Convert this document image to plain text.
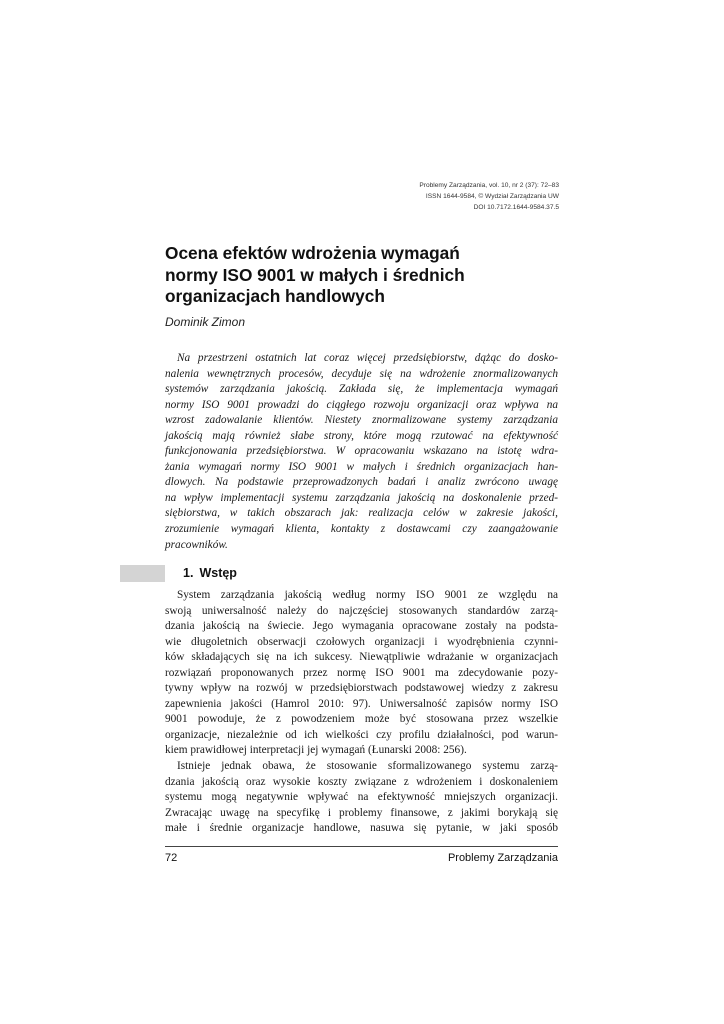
Problemy Zarządzania, vol. 10, nr 2 (37): 72–83
ISSN 1644-9584, © Wydział Zarządzania UW
DOI 10.7172.1644-9584.37.5
Ocena efektów wdrożenia wymagań
normy ISO 9001 w małych i średnich
organizacjach handlowych
Dominik Zimon

Na przestrzeni ostatnich lat coraz więcej przedsiębiorstw, dążąc do dosko-
nalenia wewnętrznych procesów, decyduje się na wdrożenie znormalizowanych
systemów zarządzania jakością. Zakłada się, że implementacja wymagań
normy ISO 9001 prowadzi do ciągłego rozwoju organizacji oraz wpływa na
wzrost zadowalanie klientów. Niestety znormalizowane systemy zarządzania
jakością mają również słabe strony, które mogą rzutować na efektywność
funkcjonowania przedsiębiorstwa. W opracowaniu wskazano na istotę wdra-
żania wymagań normy ISO 9001 w małych i średnich organizacjach han-
dlowych. Na podstawie przeprowadzonych badań i analiz zwrócono uwagę
na wpływ implementacji systemu zarządzania jakością na doskonalenie przed-
siębiorstwa, w takich obszarach jak: realizacja celów w zakresie jakości,
zrozumienie wymagań klienta, kontakty z dostawcami czy zaangażowanie
pracowników.

1. Wstęp

System zarządzania jakością według normy ISO 9001 ze względu na
swoją uniwersalność należy do najczęściej stosowanych standardów zarzą-
dzania jakością na świecie. Jego wymagania opracowane zostały na podsta-
wie długoletnich obserwacji czołowych organizacji i wyodrębnienia czynni-
ków składających się na ich sukcesy. Niewątpliwie wdrażanie w organizacjach
rozwiązań proponowanych przez normę ISO 9001 ma zdecydowanie pozy-
tywny wpływ na rozwój w przedsiębiorstwach podstawowej wiedzy z zakresu
zapewnienia jakości (Hamrol 2010: 97). Uniwersalność zapisów normy ISO
9001 powoduje, że z powodzeniem może być stosowana przez wszelkie
organizacje, niezależnie od ich wielkości czy profilu działalności, pod warun-
kiem prawidłowej interpretacji jej wymagań (Łunarski 2008: 256).
Istnieje jednak obawa, że stosowanie sformalizowanego systemu zarzą-
dzania jakością oraz wysokie koszty związane z wdrożeniem i doskonaleniem
systemu mogą negatywnie wpływać na efektywność mniejszych organizacji.
Zwracając uwagę na specyfikę i problemy finansowe, z jakimi borykają się
małe i średnie organizacje handlowe, nasuwa się pytanie, w jaki sposób

72	Problemy Zarządzania
